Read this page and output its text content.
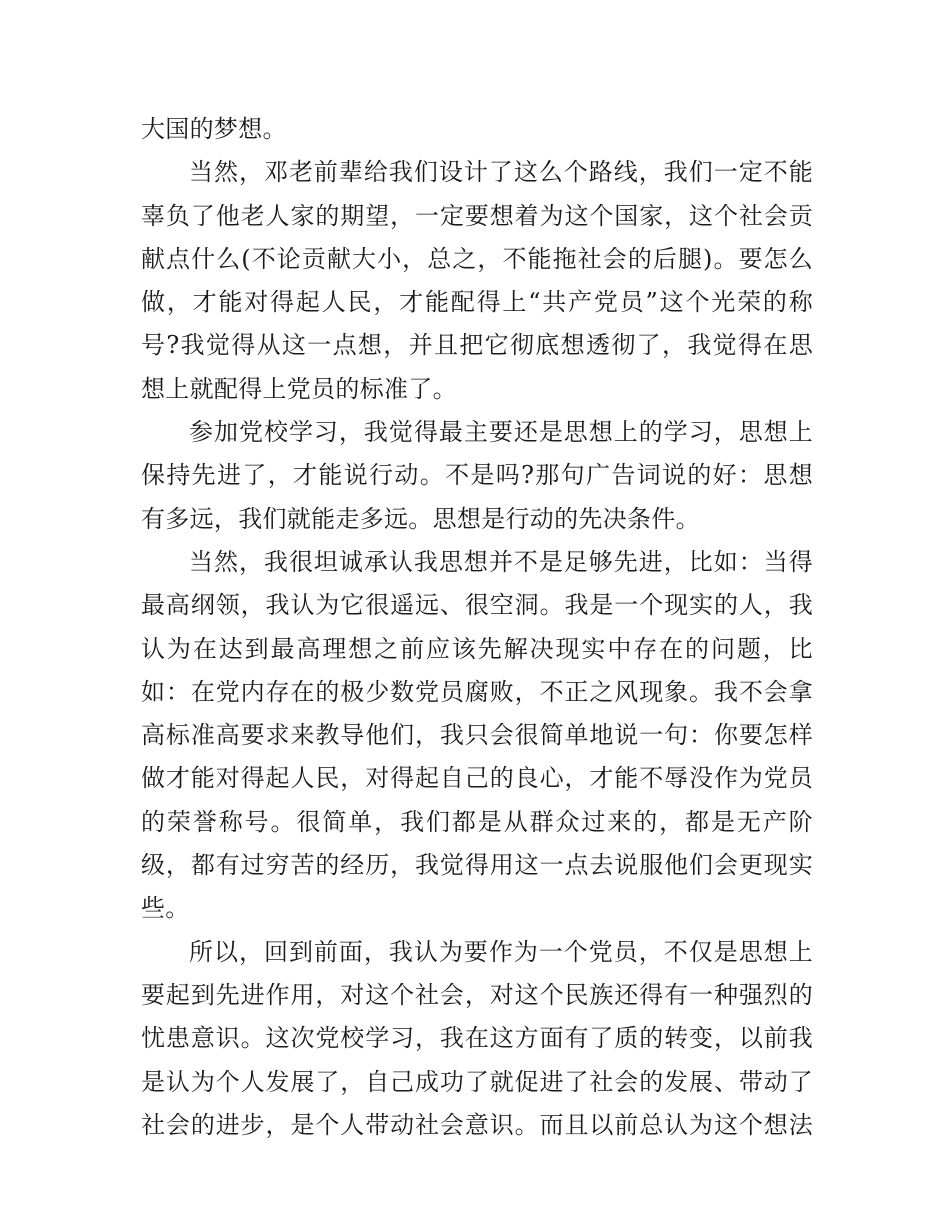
大国的梦想。
当然，邓老前辈给我们设计了这么个路线，我们一定不能
辜负了他老人家的期望，一定要想着为这个国家，这个社会贡
献点什么(不论贡献大小，总之，不能拖社会的后腿)。要怎么
做，才能对得起人民，才能配得上“共产党员”这个光荣的称
号?我觉得从这一点想，并且把它彻底想透彻了，我觉得在思
想上就配得上党员的标准了。
参加党校学习，我觉得最主要还是思想上的学习，思想上
保持先进了，才能说行动。不是吗?那句广告词说的好：思想
有多远，我们就能走多远。思想是行动的先决条件。
当然，我很坦诚承认我思想并不是足够先进，比如：当得
最高纲领，我认为它很遥远、很空洞。我是一个现实的人，我
认为在达到最高理想之前应该先解决现实中存在的问题，比
如：在党内存在的极少数党员腐败，不正之风现象。我不会拿
高标准高要求来教导他们，我只会很简单地说一句：你要怎样
做才能对得起人民，对得起自己的良心，才能不辱没作为党员
的荣誉称号。很简单，我们都是从群众过来的，都是无产阶
级，都有过穷苦的经历，我觉得用这一点去说服他们会更现实
些。
所以，回到前面，我认为要作为一个党员，不仅是思想上
要起到先进作用，对这个社会，对这个民族还得有一种强烈的
忧患意识。这次党校学习，我在这方面有了质的转变，以前我
是认为个人发展了，自己成功了就促进了社会的发展、带动了
社会的进步，是个人带动社会意识。而且以前总认为这个想法
